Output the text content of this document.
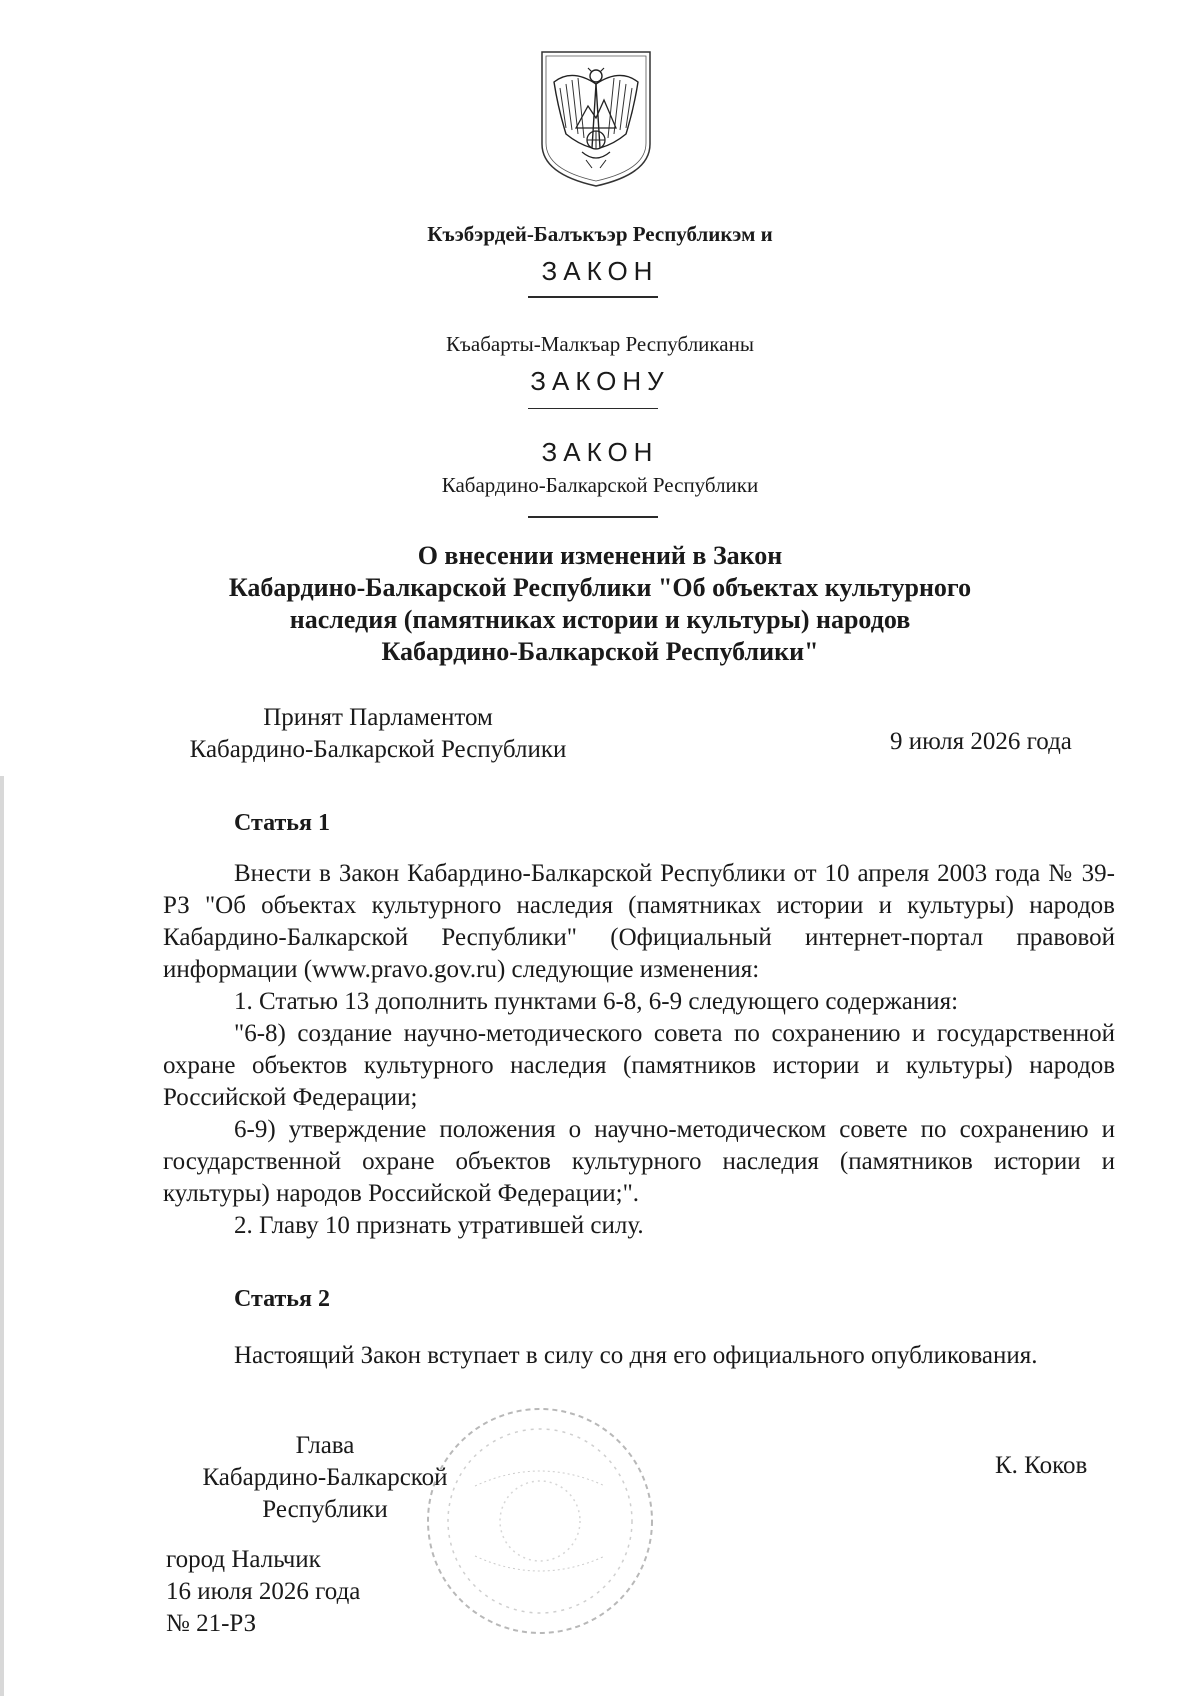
Къэбэрдей-Балъкъэр Республикэм и
ЗАКОН
Къабарты-Малкъар Республиканы
ЗАКОНУ
ЗАКОН
Кабардино-Балкарской Республики
О внесении изменений в Закон
Кабардино-Балкарской Республики "Об объектах культурного
наследия (памятниках истории и культуры) народов
Кабардино-Балкарской Республики"
Принят Парламентом
Кабардино-Балкарской Республики	9 июля 2026 года
Статья 1

Внести в Закон Кабардино-Балкарской Республики от 10 апреля 2003 года № 39-РЗ "Об объектах культурного наследия (памятниках истории и культуры) народов Кабардино-Балкарской Республики" (Официальный интернет-портал правовой информации (www.pravo.gov.ru) следующие изменения:

1. Статью 13 дополнить пунктами 6-8, 6-9 следующего содержания:

"6-8) создание научно-методического совета по сохранению и государственной охране объектов культурного наследия (памятников истории и культуры) народов Российской Федерации;

6-9) утверждение положения о научно-методическом совете по сохранению и государственной охране объектов культурного наследия (памятников истории и культуры) народов Российской Федерации;".

2. Главу 10 признать утратившей силу.

Статья 2

Настоящий Закон вступает в силу со дня его официального опубликования.

Глава
Кабардино-Балкарской
Республики
К. Коков
город Нальчик
16 июля 2026 года
№ 21-РЗ
